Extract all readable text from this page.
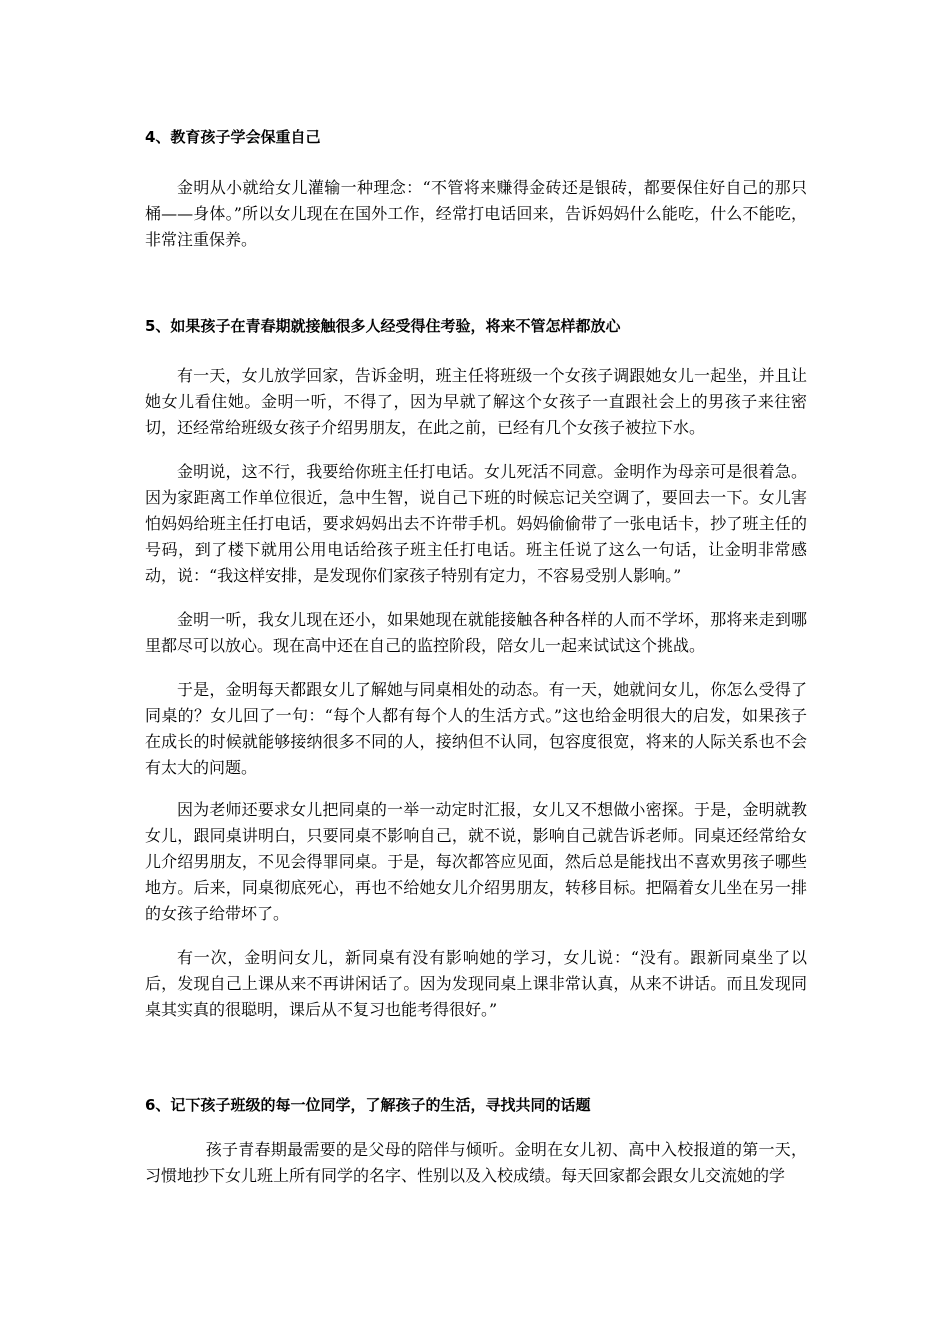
4、教育孩子学会保重自己

金明从小就给女儿灌输一种理念：“不管将来赚得金砖还是银砖，都要保住好自己的那只桶——身体。”所以女儿现在在国外工作，经常打电话回来，告诉妈妈什么能吃，什么不能吃，非常注重保养。

5、如果孩子在青春期就接触很多人经受得住考验，将来不管怎样都放心

有一天，女儿放学回家，告诉金明，班主任将班级一个女孩子调跟她女儿一起坐，并且让她女儿看住她。金明一听，不得了，因为早就了解这个女孩子一直跟社会上的男孩子来往密切，还经常给班级女孩子介绍男朋友，在此之前，已经有几个女孩子被拉下水。

金明说，这不行，我要给你班主任打电话。女儿死活不同意。金明作为母亲可是很着急。因为家距离工作单位很近，急中生智，说自己下班的时候忘记关空调了，要回去一下。女儿害怕妈妈给班主任打电话，要求妈妈出去不许带手机。妈妈偷偷带了一张电话卡，抄了班主任的号码，到了楼下就用公用电话给孩子班主任打电话。班主任说了这么一句话，让金明非常感动，说：“我这样安排，是发现你们家孩子特别有定力，不容易受别人影响。”

金明一听，我女儿现在还小，如果她现在就能接触各种各样的人而不学坏，那将来走到哪里都尽可以放心。现在高中还在自己的监控阶段，陪女儿一起来试试这个挑战。

于是，金明每天都跟女儿了解她与同桌相处的动态。有一天，她就问女儿，你怎么受得了同桌的？女儿回了一句：“每个人都有每个人的生活方式。”这也给金明很大的启发，如果孩子在成长的时候就能够接纳很多不同的人，接纳但不认同，包容度很宽，将来的人际关系也不会有太大的问题。

因为老师还要求女儿把同桌的一举一动定时汇报，女儿又不想做小密探。于是，金明就教女儿，跟同桌讲明白，只要同桌不影响自己，就不说，影响自己就告诉老师。同桌还经常给女儿介绍男朋友，不见会得罪同桌。于是，每次都答应见面，然后总是能找出不喜欢男孩子哪些地方。后来，同桌彻底死心，再也不给她女儿介绍男朋友，转移目标。把隔着女儿坐在另一排的女孩子给带坏了。

有一次，金明问女儿，新同桌有没有影响她的学习，女儿说：“没有。跟新同桌坐了以后，发现自己上课从来不再讲闲话了。因为发现同桌上课非常认真，从来不讲话。而且发现同桌其实真的很聪明，课后从不复习也能考得很好。”

6、记下孩子班级的每一位同学，了解孩子的生活，寻找共同的话题

孩子青春期最需要的是父母的陪伴与倾听。金明在女儿初、高中入校报道的第一天，习惯地抄下女儿班上所有同学的名字、性别以及入校成绩。每天回家都会跟女儿交流她的学
